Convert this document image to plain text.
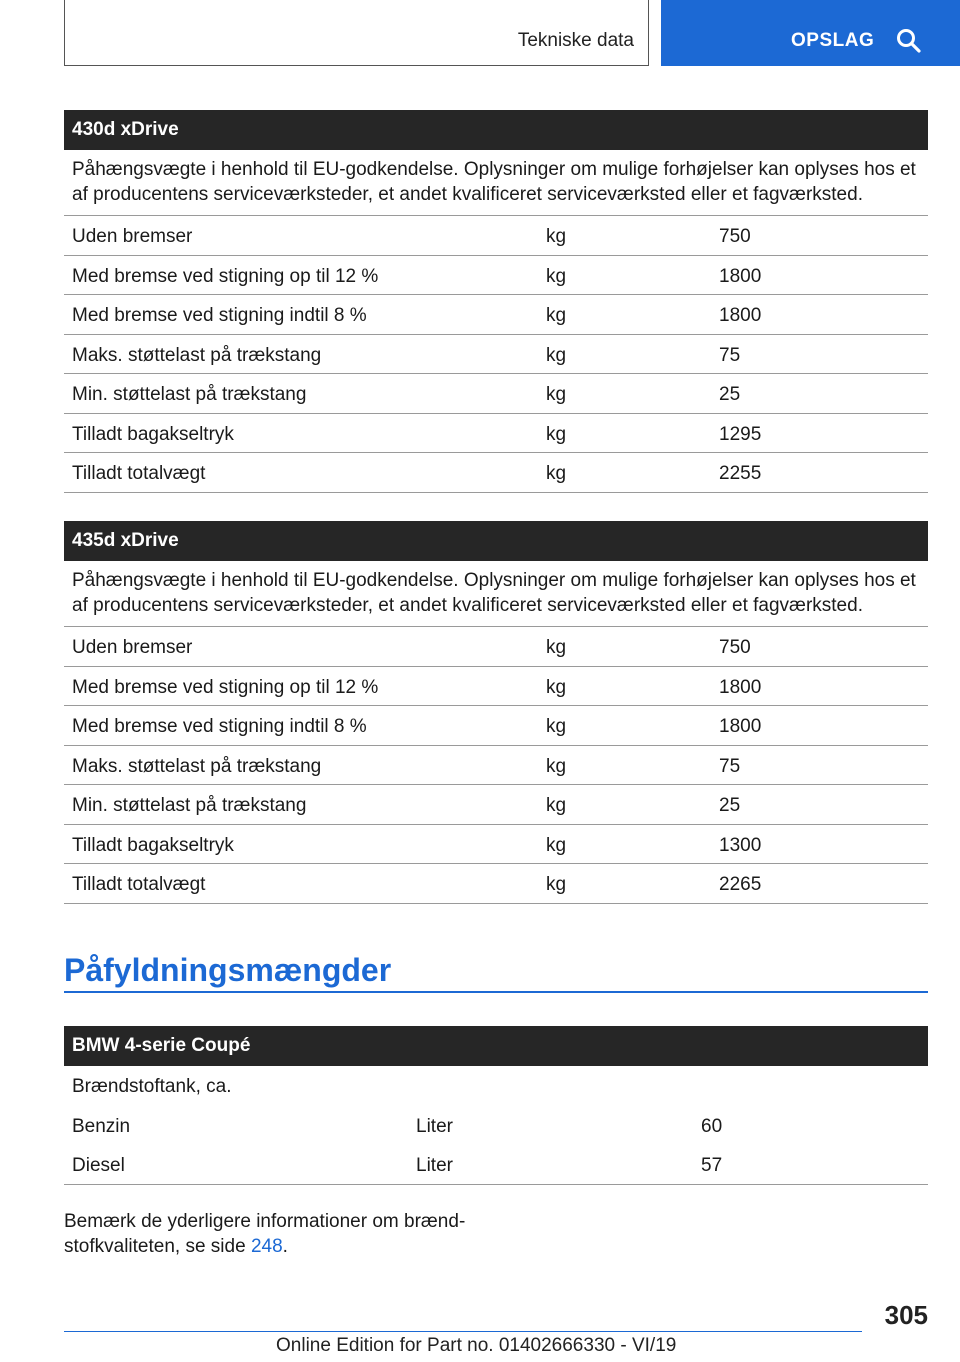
Tekniske data	OPSLAG
430d xDrive
Påhængsvægte i henhold til EU-godkendelse. Oplysninger om mulige forhøjelser kan oplyses hos et af producentens serviceværksteder, et andet kvalificeret serviceværksted eller et fagværksted.
Uden bremser	kg	750
Med bremse ved stigning op til 12 %	kg	1800
Med bremse ved stigning indtil 8 %	kg	1800
Maks. støttelast på trækstang	kg	75
Min. støttelast på trækstang	kg	25
Tilladt bagakseltryk	kg	1295
Tilladt totalvægt	kg	2255
435d xDrive
Påhængsvægte i henhold til EU-godkendelse. Oplysninger om mulige forhøjelser kan oplyses hos et af producentens serviceværksteder, et andet kvalificeret serviceværksted eller et fagværksted.
Uden bremser	kg	750
Med bremse ved stigning op til 12 %	kg	1800
Med bremse ved stigning indtil 8 %	kg	1800
Maks. støttelast på trækstang	kg	75
Min. støttelast på trækstang	kg	25
Tilladt bagakseltryk	kg	1300
Tilladt totalvægt	kg	2265
Påfyldningsmængder
BMW 4-serie Coupé
Brændstoftank, ca.
Benzin	Liter	60
Diesel	Liter	57
Bemærk de yderligere informationer om brændstofkvaliteten, se side 248.
305
Online Edition for Part no. 01402666330 - VI/19
